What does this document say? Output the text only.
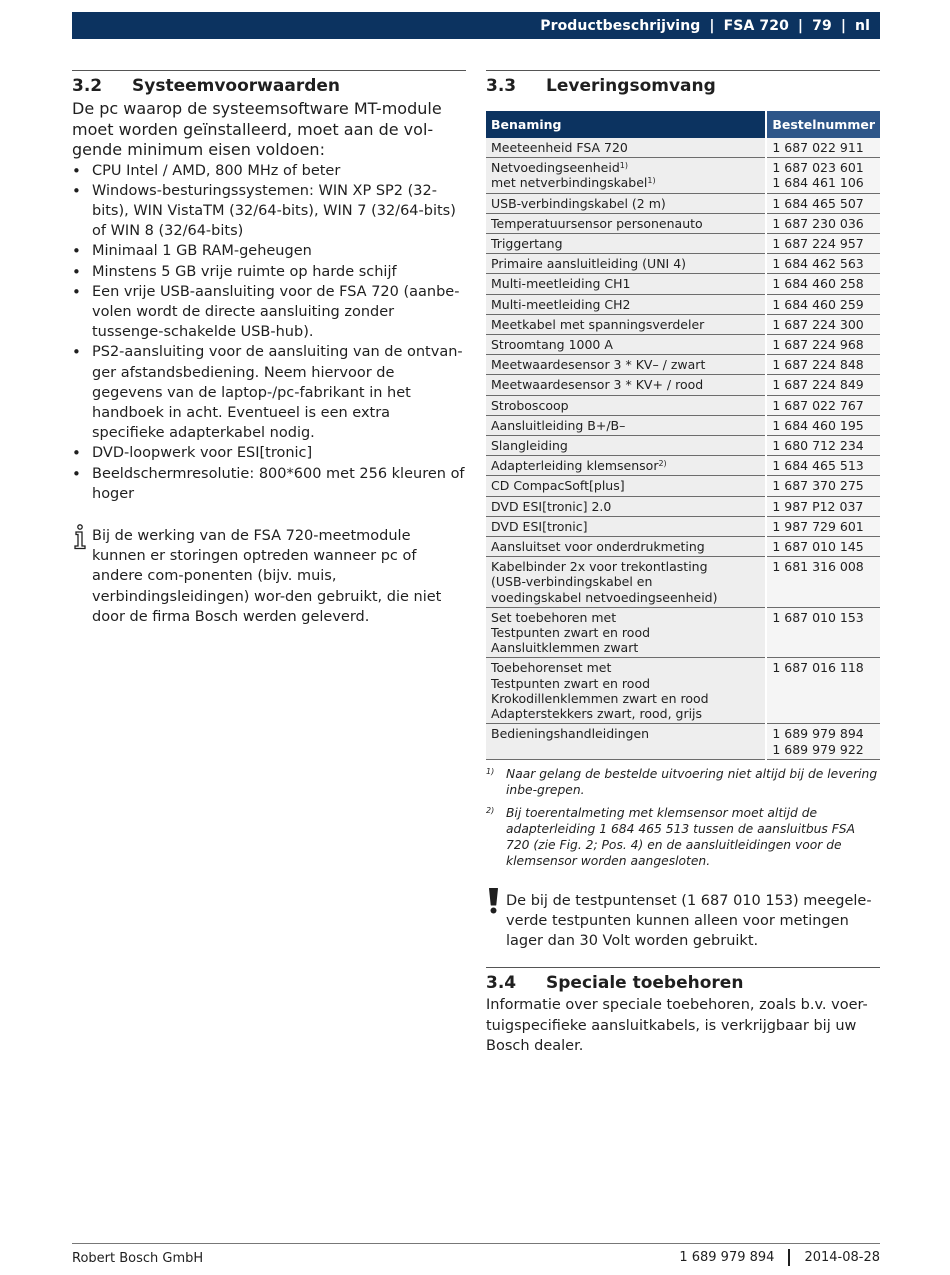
Productbeschrijving | FSA 720 | 79 | nl
3.2	Systeemvoorwaarden

De pc waarop de systeemsoftware MT-module moet worden geïnstalleerd, moet aan de vol-gende minimum eisen voldoen:

• CPU Intel / AMD, 800 MHz of beter
• Windows-besturingssystemen: WIN XP SP2 (32-bits), WIN VistaTM (32/64-bits), WIN 7 (32/64-bits) of WIN 8 (32/64-bits)
• Minimaal 1 GB RAM-geheugen
• Minstens 5 GB vrije ruimte op harde schijf
• Een vrije USB-aansluiting voor de FSA 720 (aanbe-volen wordt de directe aansluiting zonder tussenge-schakelde USB-hub).
• PS2-aansluiting voor de aansluiting van de ontvan-ger afstandsbediening. Neem hiervoor de gegevens van de laptop-/pc-fabrikant in het handboek in acht. Eventueel is een extra specifieke adapterkabel nodig.
• DVD-loopwerk voor ESI[tronic]
• Beeldschermresolutie: 800*600 met 256 kleuren of hoger
Bij de werking van de FSA 720-meetmodule kunnen er storingen optreden wanneer pc of andere com-ponenten (bijv. muis, verbindingsleidingen) wor-den gebruikt, die niet door de firma Bosch werden geleverd.
3.3	Leveringsomvang
Benaming	Bestelnummer

Meeteenheid FSA 720	1 687 022 911

Netvoedingseenheid$^{1)}$
met netverbindingskabel$^{1)}$	1 687 023 601
1 684 461 106

USB-verbindingskabel (2 m)	1 684 465 507

Temperatuursensor personenauto	1 687 230 036

Triggertang	1 687 224 957

Primaire aansluitleiding (UNI 4)	1 684 462 563

Multi-meetleiding CH1	1 684 460 258

Multi-meetleiding CH2	1 684 460 259

Meetkabel met spanningsverdeler	1 687 224 300

Stroomtang 1000 A	1 687 224 968

Meetwaardesensor 3 * KV– / zwart	1 687 224 848

Meetwaardesensor 3 * KV+ / rood	1 687 224 849

Stroboscoop	1 687 022 767

Aansluitleiding B+/B–	1 684 460 195

Slangleiding	1 680 712 234

Adapterleiding klemsensor$^{2)}$	1 684 465 513

CD CompacSoft[plus]	1 687 370 275

DVD ESI[tronic] 2.0	1 987 P12 037

DVD ESI[tronic]	1 987 729 601

Aansluitset voor onderdrukmeting	1 687 010 145

Kabelbinder 2x voor trekontlasting
(USB-verbindingskabel en
voedingskabel netvoedingseenheid)	1 681 316 008

Set toebehoren met
Testpunten zwart en rood
Aansluitklemmen zwart	1 687 010 153

Toebehorenset met
Testpunten zwart en rood
Krokodillenklemmen zwart en rood
Adapterstekkers zwart, rood, grijs	1 687 016 118

Bedieningshandleidingen	1 689 979 894
1 689 979 922
1) Naar gelang de bestelde uitvoering niet altijd bij de levering inbe-grepen.
2) Bij toerentalmeting met klemsensor moet altijd de adapterleiding 1 684 465 513 tussen de aansluitbus FSA 720 (zie Fig. 2; Pos. 4) en de aansluitleidingen voor de klemsensor worden aangesloten.
De bij de testpuntenset (1 687 010 153) meegele-verde testpunten kunnen alleen voor metingen lager dan 30 Volt worden gebruikt.
3.4	Speciale toebehoren
Informatie over speciale toebehoren, zoals b.v. voer-tuigspecifieke aansluitkabels, is verkrijgbaar bij uw Bosch dealer.
Robert Bosch GmbH	1 689 979 894 2014-08-28
